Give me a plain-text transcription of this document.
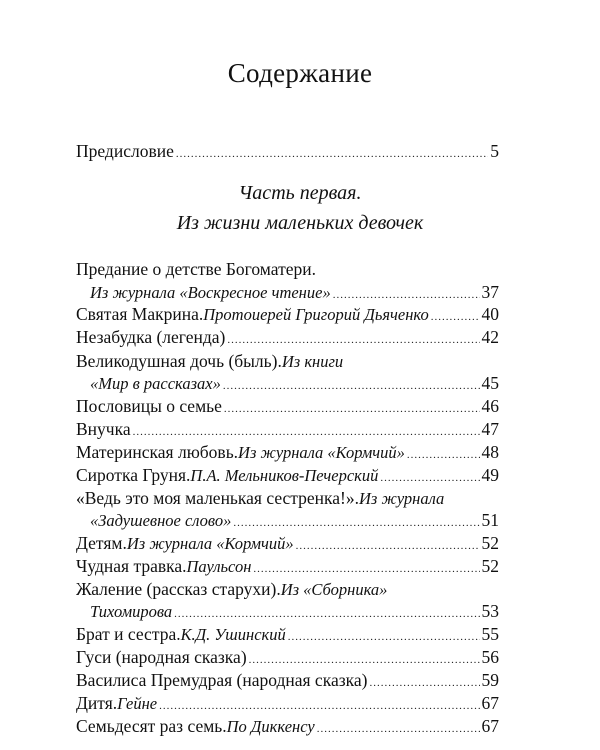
Содержание
Предисловие .....	5
Часть первая.
Из жизни маленьких девочек
Предание о детстве Богоматери.
Из журнала «Воскресное чтение» .....	37
Святая Макрина. Протоиерей Григорий Дьяченко .....	40
Незабудка (легенда) .....	42
Великодушная дочь (быль). Из книги
«Мир в рассказах» .....	45
Пословицы о семье .....	46
Внучка .....	47
Материнская любовь. Из журнала «Кормчий» .....	48
Сиротка Груня. П.А. Мельников-Печерский .....	49
«Ведь это моя маленькая сестренка!». Из журнала
«Задушевное слово» .....	51
Детям. Из журнала «Кормчий» .....	52
Чудная травка. Паульсон .....	52
Жаление (рассказ старухи). Из «Сборника»
Тихомирова .....	53
Брат и сестра. К.Д. Ушинский .....	55
Гуси (народная сказка) .....	56
Василиса Премудрая (народная сказка) .....	59
Дитя. Гейне .....	67
Семьдесят раз семь. По Диккенсу .....	67
